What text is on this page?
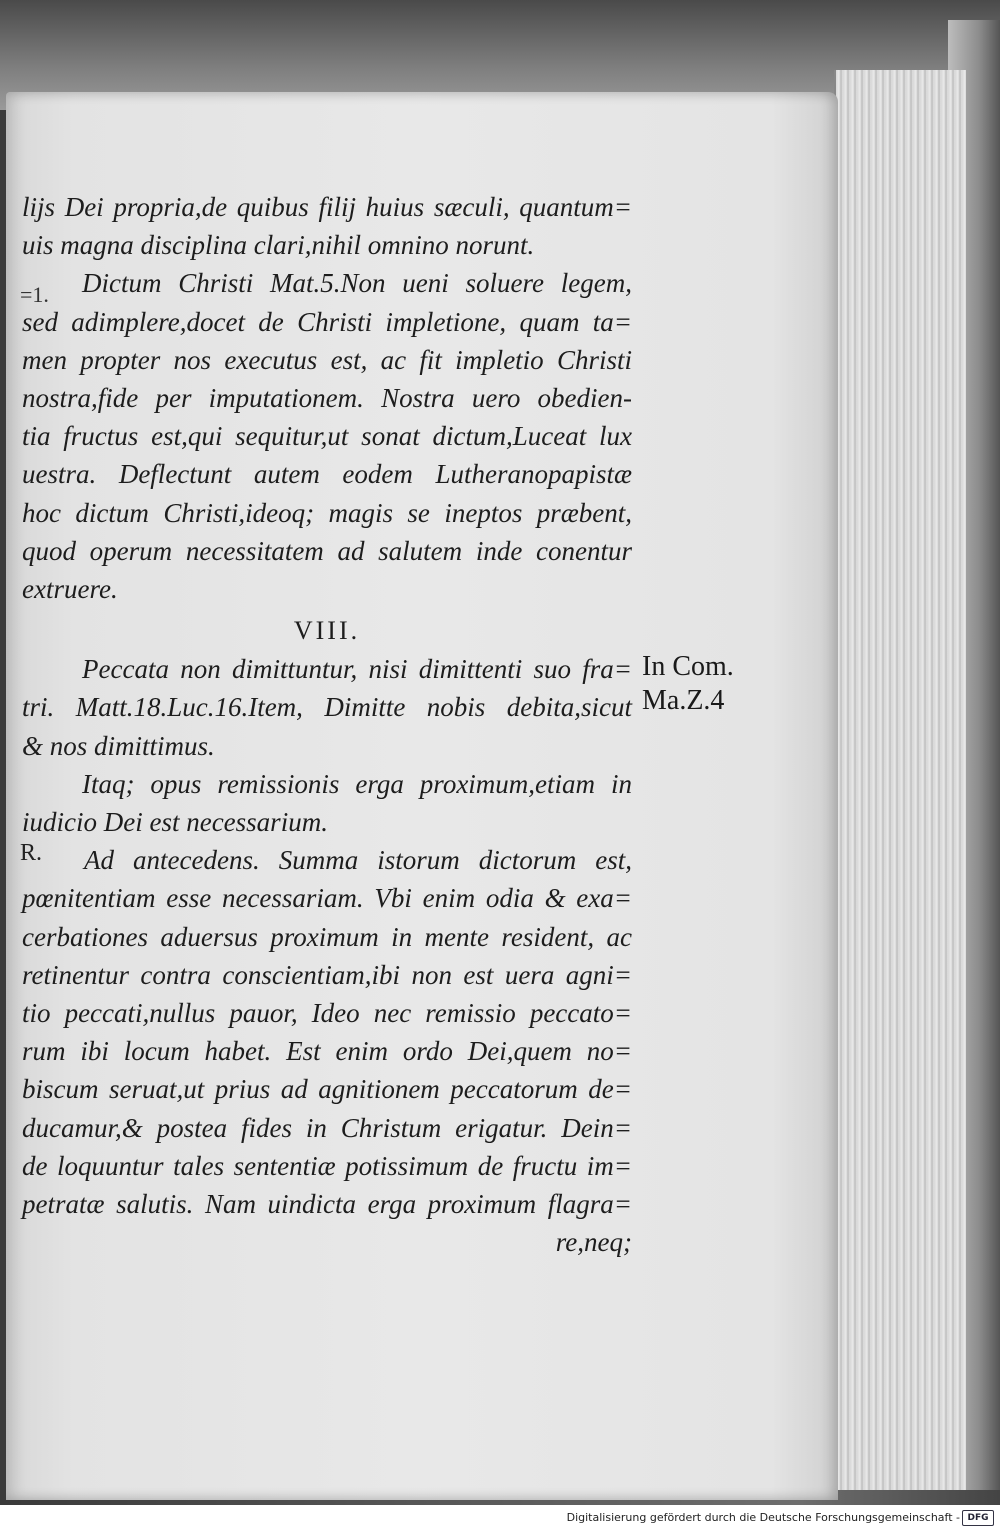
=1.
lijs Dei propria,de quibus filij huius sæculi, quantum=
uis magna disciplina clari,nihil omnino norunt.
Dictum Christi Mat.5.Non ueni soluere legem,
sed adimplere,docet de Christi impletione, quam ta=
men propter nos executus est, ac fit impletio Christi
nostra,fide per imputationem. Nostra uero obedien-
tia fructus est,qui sequitur,ut sonat dictum,Luceat lux
uestra. Deflectunt autem eodem Lutheranopapistæ
hoc dictum Christi,ideoq; magis se ineptos præbent,
quod operum necessitatem ad salutem inde conentur
extruere.
VIII.
Peccata non dimittuntur, nisi dimittenti suo fra=
tri. Matt.18.Luc.16.Item, Dimitte nobis debita,sicut
& nos dimittimus.
Itaq; opus remissionis erga proximum,etiam in
iudicio Dei est necessarium.
Ad antecedens. Summa istorum dictorum est,
pœnitentiam esse necessariam. Vbi enim odia & exa=
cerbationes aduersus proximum in mente resident, ac
retinentur contra conscientiam,ibi non est uera agni=
tio peccati,nullus pauor, Ideo nec remissio peccato=
rum ibi locum habet. Est enim ordo Dei,quem no=
biscum seruat,ut prius ad agnitionem peccatorum de=
ducamur,& postea fides in Christum erigatur. Dein=
de loquuntur tales sententiæ potissimum de fructu im=
petratæ salutis. Nam uindicta erga proximum flagra=
re,neq;
R.
In Com.
Ma.Z.4
Digitalisierung gefördert durch die Deutsche Forschungsgemeinschaft - DFG
